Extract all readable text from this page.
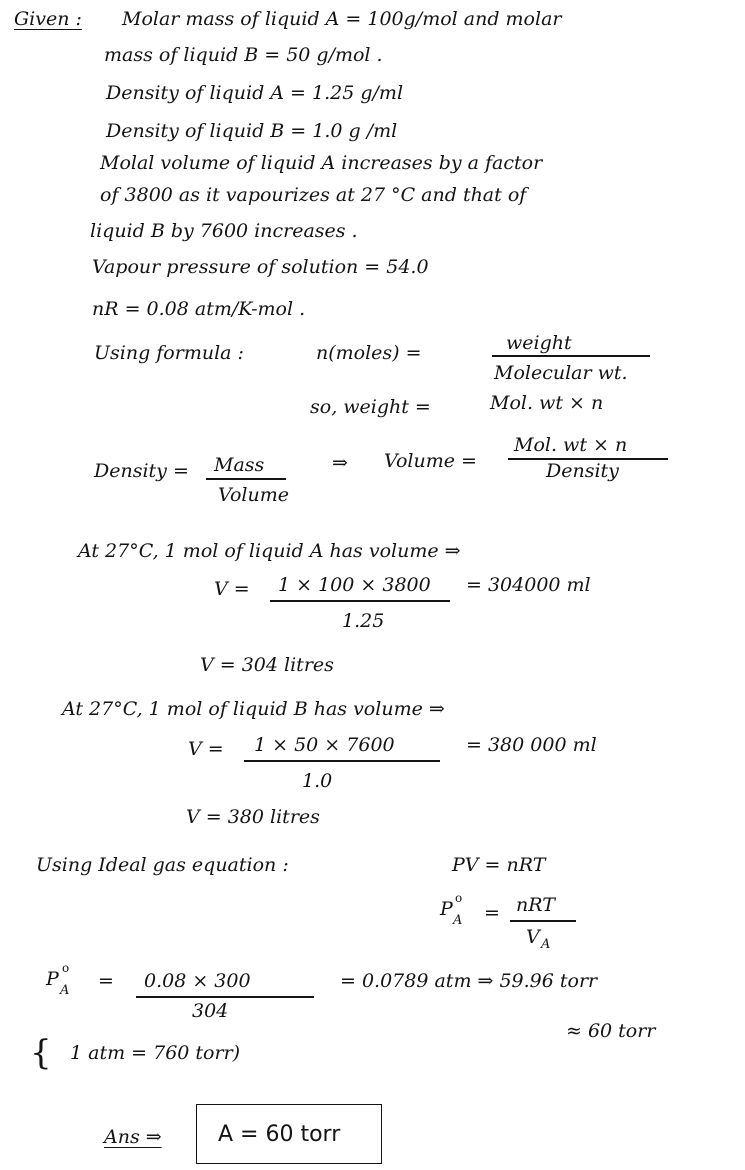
Given : Molar mass of liquid A = 100g/mol and molar
mass of liquid B = 50 g/mol .
Density of liquid A = 1.25 g/ml
Density of liquid B = 1.0 g /ml
Molal volume of liquid A increases by a factor
of 3800 as it vapourizes at 27 °C and that of
liquid B by 7600 increases .
Vapour pressure of solution = 54.0
nR = 0.08 atm/K-mol .
Using formula :	n(moles) =	weight
Molecular wt.
so, weight =	Mol. wt × n
Density = Mass
Volume
⇒ Volume =
Mol. wt × n
Density
At 27°C, 1 mol of liquid A has volume ⇒
V = 1 × 100 × 3800 = 304000 ml
1.25
V = 304 litres
At 27°C, 1 mol of liquid B has volume ⇒
V = 1 × 50 × 7600	= 380 000 ml
1.0
V = 380 litres
Using Ideal gas equation :	PV = nRT
P o
A = nRT
V A
P o
A = 0.08 × 300
304
= 0.0789 atm ⇒ 59.96 torr
≈ 60 torr
{ 1 atm = 760 torr)
Ans ⇒	A = 60 torr
